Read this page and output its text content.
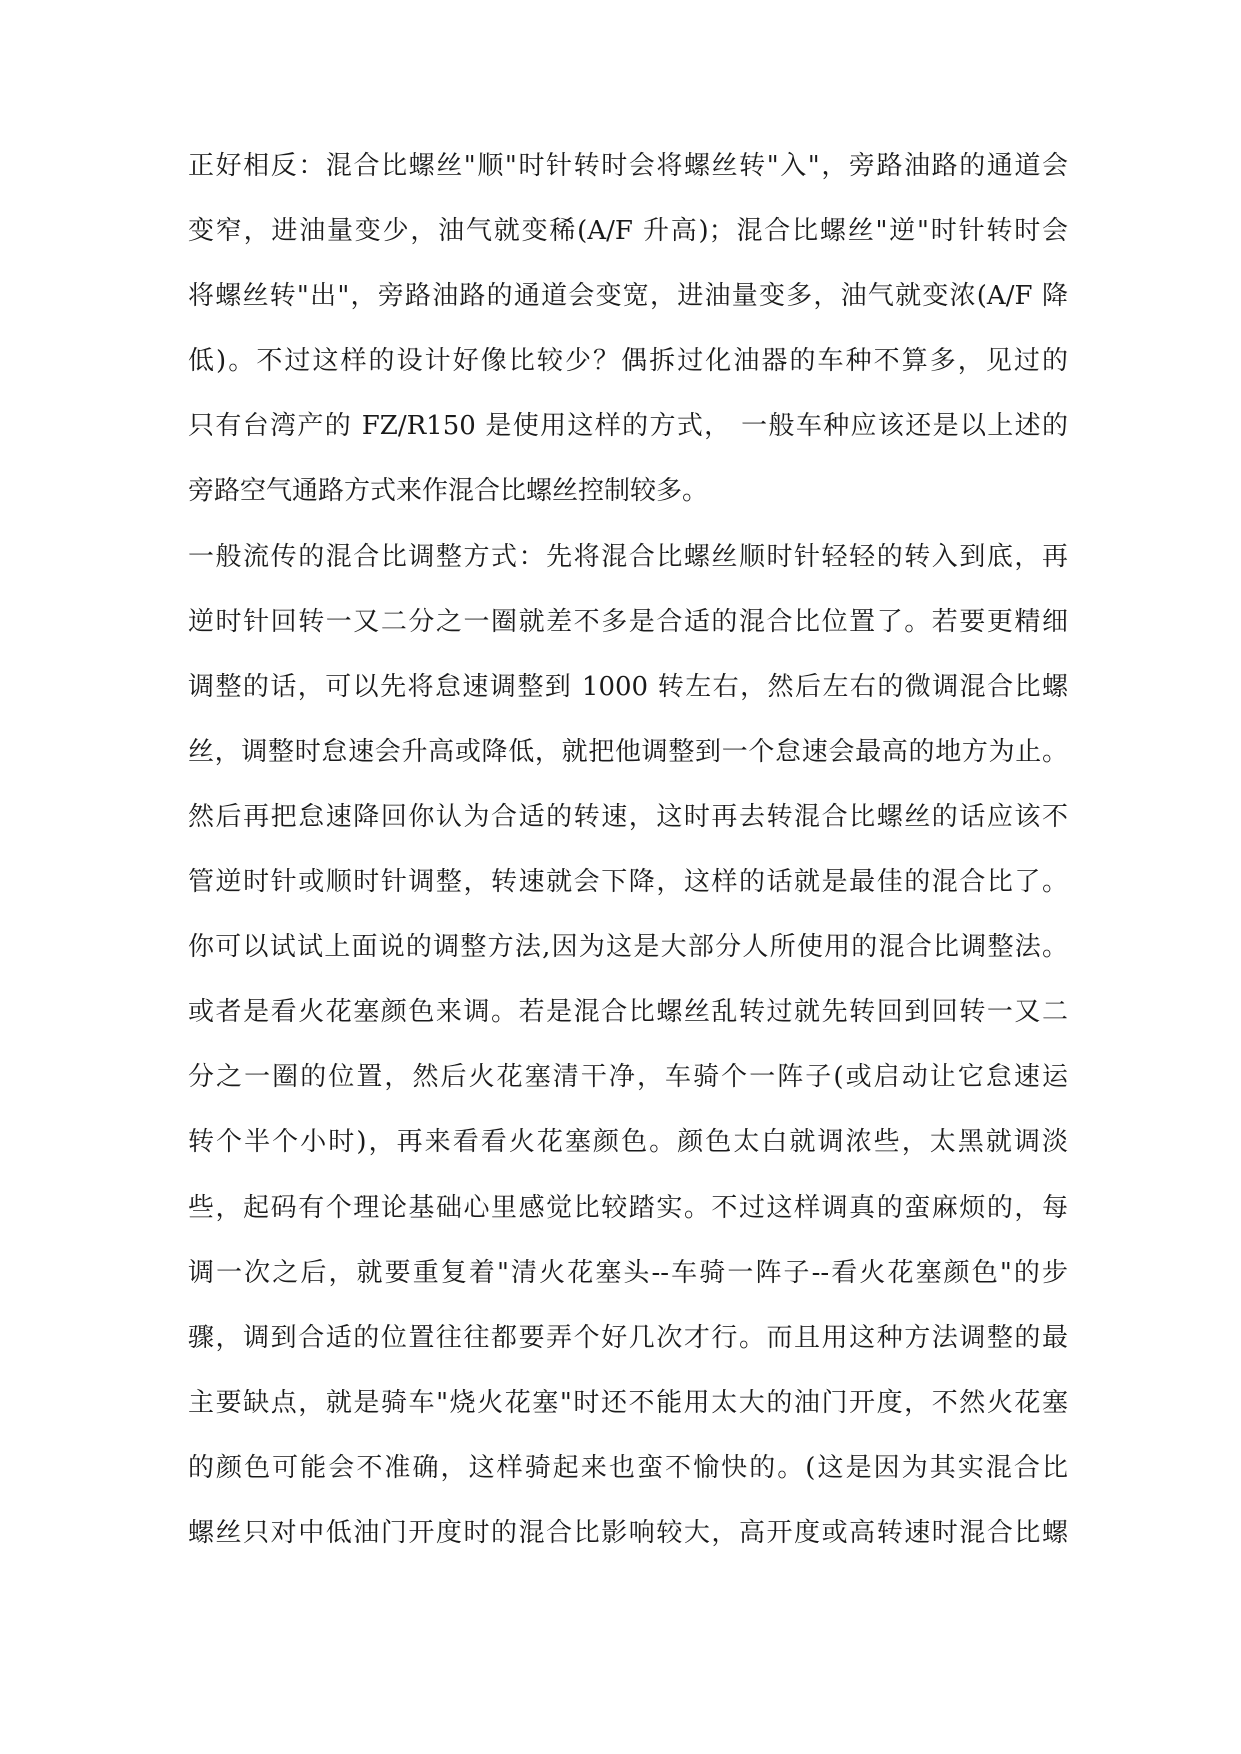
正好相反：混合比螺丝"顺"时针转时会将螺丝转"入"，旁路油路的通道会
变窄，进油量变少，油气就变稀(A/F 升高)；混合比螺丝"逆"时针转时会
将螺丝转"出"，旁路油路的通道会变宽，进油量变多，油气就变浓(A/F 降
低)。不过这样的设计好像比较少？偶拆过化油器的车种不算多，见过的
只有台湾产的 FZ/R150 是使用这样的方式， 一般车种应该还是以上述的
旁路空气通路方式来作混合比螺丝控制较多。
一般流传的混合比调整方式：先将混合比螺丝顺时针轻轻的转入到底，再
逆时针回转一又二分之一圈就差不多是合适的混合比位置了。若要更精细
调整的话，可以先将怠速调整到 1000 转左右，然后左右的微调混合比螺
丝，调整时怠速会升高或降低，就把他调整到一个怠速会最高的地方为止。
然后再把怠速降回你认为合适的转速，这时再去转混合比螺丝的话应该不
管逆时针或顺时针调整，转速就会下降，这样的话就是最佳的混合比了。
你可以试试上面说的调整方法,因为这是大部分人所使用的混合比调整法。
或者是看火花塞颜色来调。若是混合比螺丝乱转过就先转回到回转一又二
分之一圈的位置，然后火花塞清干净，车骑个一阵子(或启动让它怠速运
转个半个小时)，再来看看火花塞颜色。颜色太白就调浓些，太黑就调淡
些，起码有个理论基础心里感觉比较踏实。不过这样调真的蛮麻烦的，每
调一次之后，就要重复着"清火花塞头--车骑一阵子--看火花塞颜色"的步
骤，调到合适的位置往往都要弄个好几次才行。而且用这种方法调整的最
主要缺点，就是骑车"烧火花塞"时还不能用太大的油门开度，不然火花塞
的颜色可能会不准确，这样骑起来也蛮不愉快的。(这是因为其实混合比
螺丝只对中低油门开度时的混合比影响较大，高开度或高转速时混合比螺
